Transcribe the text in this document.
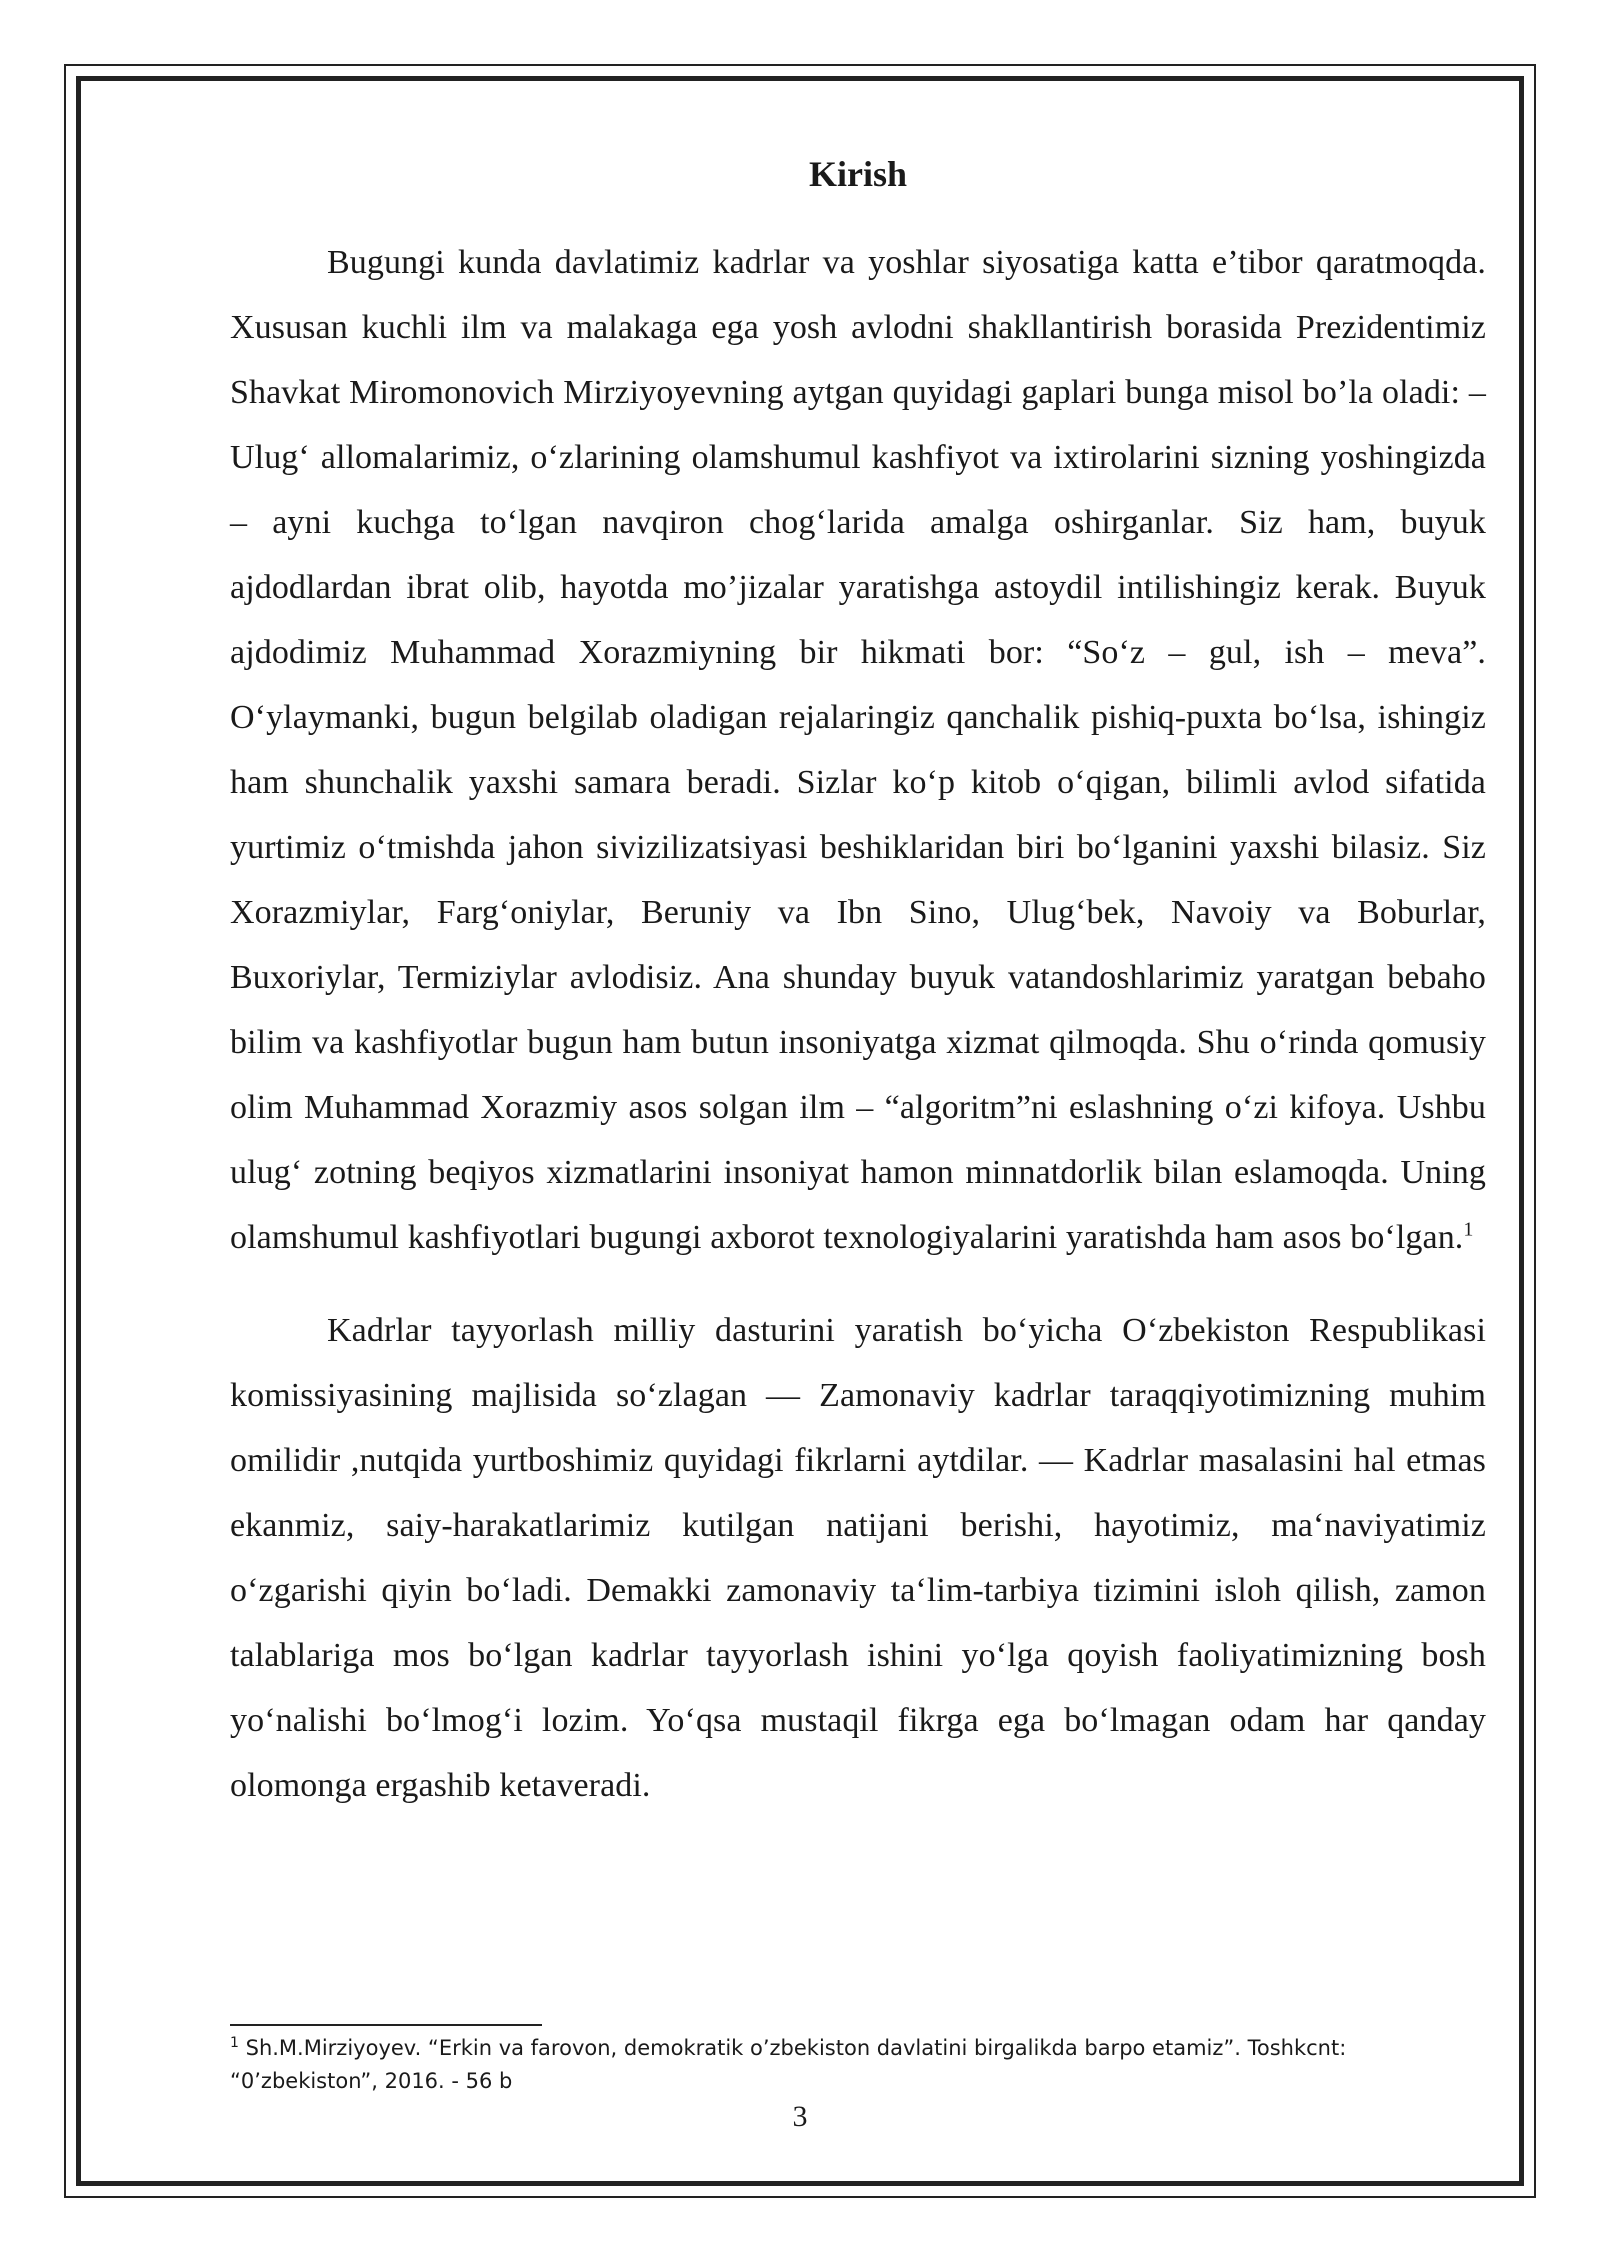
Kirish

Bugungi kunda davlatimiz kadrlar va yoshlar siyosatiga katta e’tibor qaratmoqda. Xususan kuchli ilm va malakaga ega yosh avlodni shakllantirish borasida Prezidentimiz Shavkat Miromonovich Mirziyoyevning aytgan quyidagi gaplari bunga misol bo’la oladi: – Ulug‘ allomalarimiz, o‘zlarining olamshumul kashfiyot va ixtirolarini sizning yoshingizda – ayni kuchga to‘lgan navqiron chog‘larida amalga oshirganlar. Siz ham, buyuk ajdodlardan ibrat olib, hayotda mo’jizalar yaratishga astoydil intilishingiz kerak. Buyuk ajdodimiz Muhammad Xorazmiyning bir hikmati bor: “So‘z – gul, ish – meva”. O‘ylaymanki, bugun belgilab oladigan rejalaringiz qanchalik pishiq-puxta bo‘lsa, ishingiz ham shunchalik yaxshi samara beradi. Sizlar ko‘p kitob o‘qigan, bilimli avlod sifatida yurtimiz o‘tmishda jahon sivizilizatsiyasi beshiklaridan biri bo‘lganini yaxshi bilasiz. Siz Xorazmiylar, Farg‘oniylar, Beruniy va Ibn Sino, Ulug‘bek, Navoiy va Boburlar, Buxoriylar, Termiziylar avlodisiz. Ana shunday buyuk vatandoshlarimiz yaratgan bebaho bilim va kashfiyotlar bugun ham butun insoniyatga xizmat qilmoqda. Shu o‘rinda qomusiy olim Muhammad Xorazmiy asos solgan ilm – “algoritm”ni eslashning o‘zi kifoya. Ushbu ulug‘ zotning beqiyos xizmatlarini insoniyat hamon minnatdorlik bilan eslamoqda. Uning olamshumul kashfiyotlari bugungi axborot texnologiyalarini yaratishda ham asos bo‘lgan.$^1$

Kadrlar tayyorlash milliy dasturini yaratish bo‘yicha O‘zbekiston Respublikasi komissiyasining majlisida so‘zlagan — Zamonaviy kadrlar taraqqiyotimizning muhim omilidir ,nutqida yurtboshimiz quyidagi fikrlarni aytdilar. — Kadrlar masalasini hal etmas ekanmiz, saiy-harakatlarimiz kutilgan natijani berishi, hayotimiz, ma‘naviyatimiz o‘zgarishi qiyin bo‘ladi. Demakki zamonaviy ta‘lim-tarbiya tizimini isloh qilish, zamon talablariga mos bo‘lgan kadrlar tayyorlash ishini yo‘lga qoyish faoliyatimizning bosh yo‘nalishi bo‘lmog‘i lozim. Yo‘qsa mustaqil fikrga ega bo‘lmagan odam har qanday olomonga ergashib ketaveradi.

$^1$ Sh.M.Mirziyoyev. “Erkin va farovon, demokratik o’zbekiston davlatini birgalikda barpo etamiz”. Toshkcnt: “0’zbekiston”, 2016. - 56 b
3
